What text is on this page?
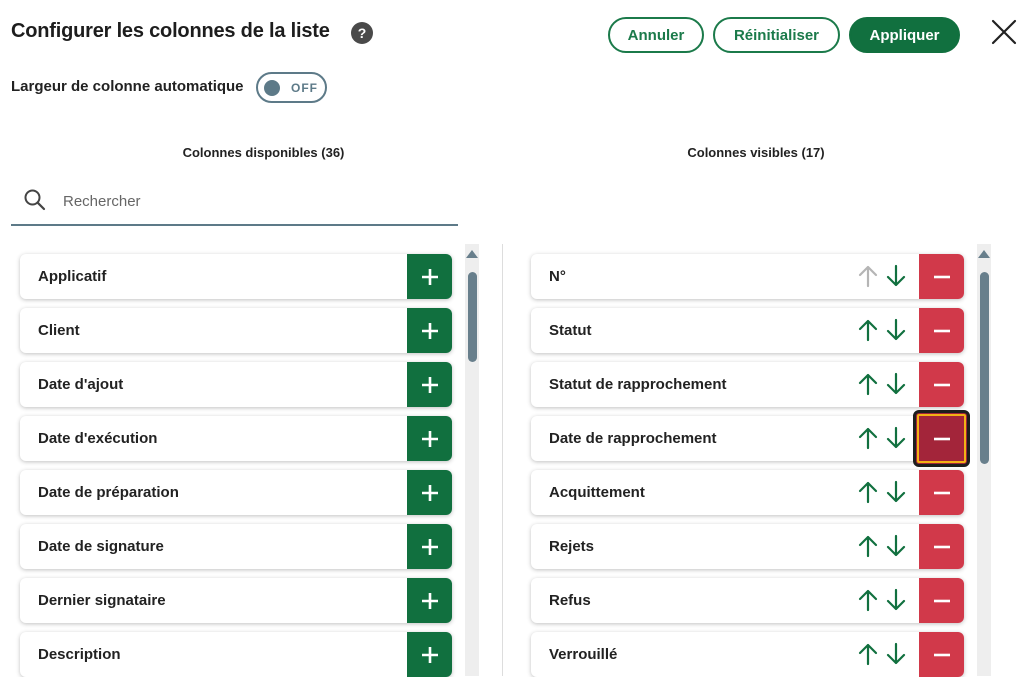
Configurer les colonnes de la liste	?	Annuler	Réinitialiser	Appliquer
Largeur de colonne automatique	OFF
Colonnes disponibles (36)	Colonnes visibles (17)
Rechercher
Applicatif
Client
Date d'ajout
Date d'exécution
Date de préparation
Date de signature
Dernier signataire
Description
N°
Statut
Statut de rapprochement
Date de rapprochement
Acquittement
Rejets
Refus
Verrouillé
